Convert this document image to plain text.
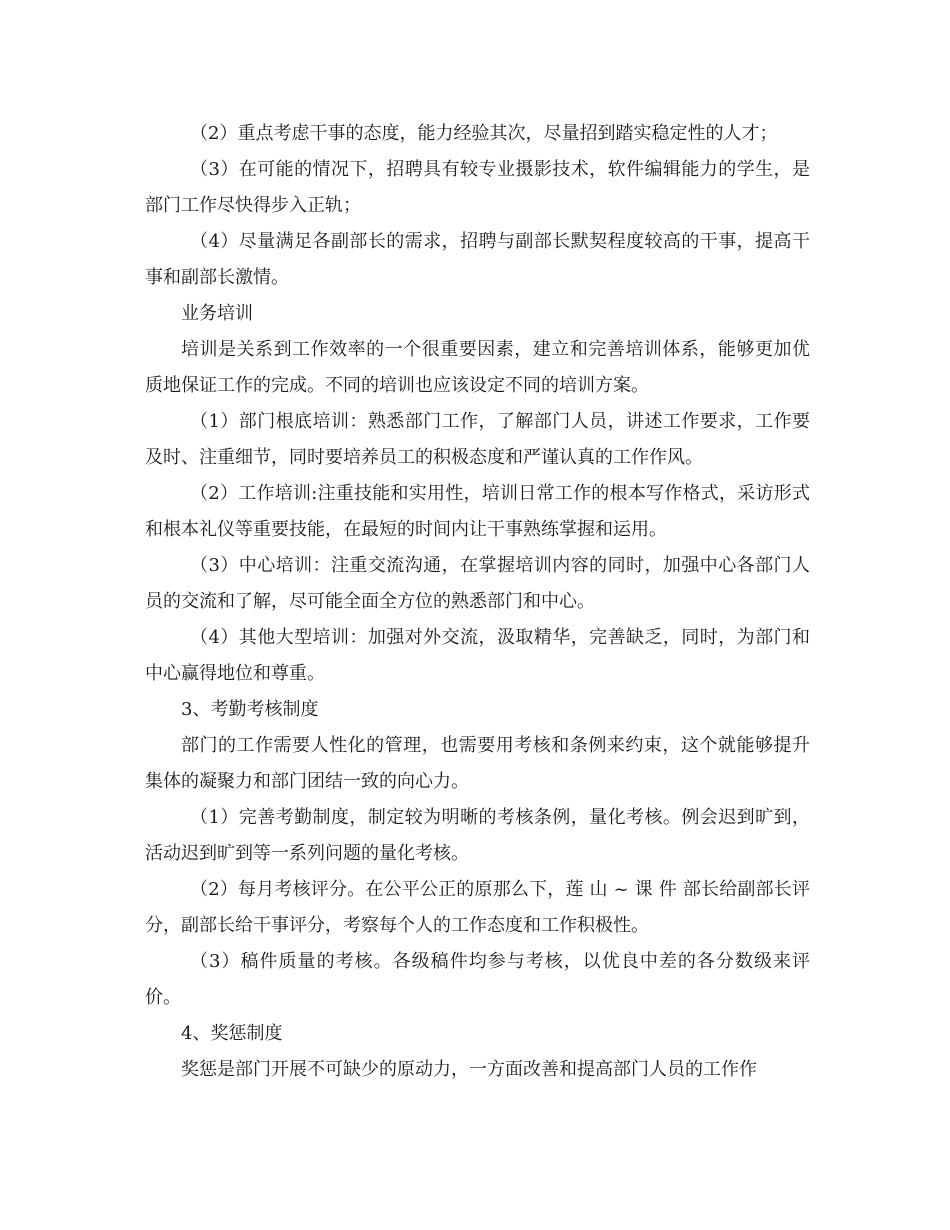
（2）重点考虑干事的态度，能力经验其次，尽量招到踏实稳定性的人才；

（3）在可能的情况下，招聘具有较专业摄影技术，软件编辑能力的学生，是部门工作尽快得步入正轨；

（4）尽量满足各副部长的需求，招聘与副部长默契程度较高的干事，提高干事和副部长激情。

业务培训

培训是关系到工作效率的一个很重要因素，建立和完善培训体系，能够更加优质地保证工作的完成。不同的培训也应该设定不同的培训方案。

（1）部门根底培训：熟悉部门工作，了解部门人员，讲述工作要求，工作要及时、注重细节，同时要培养员工的积极态度和严谨认真的工作作风。

（2）工作培训:注重技能和实用性，培训日常工作的根本写作格式，采访形式和根本礼仪等重要技能，在最短的时间内让干事熟练掌握和运用。

（3）中心培训：注重交流沟通，在掌握培训内容的同时，加强中心各部门人员的交流和了解，尽可能全面全方位的熟悉部门和中心。

（4）其他大型培训：加强对外交流，汲取精华，完善缺乏，同时，为部门和中心赢得地位和尊重。

3、考勤考核制度

部门的工作需要人性化的管理，也需要用考核和条例来约束，这个就能够提升集体的凝聚力和部门团结一致的向心力。

（1）完善考勤制度，制定较为明晰的考核条例，量化考核。例会迟到旷到，活动迟到旷到等一系列问题的量化考核。

（2）每月考核评分。在公平公正的原那么下，莲 山 ~ 课 件 部长给副部长评分，副部长给干事评分，考察每个人的工作态度和工作积极性。

（3）稿件质量的考核。各级稿件均参与考核，以优良中差的各分数级来评价。

4、奖惩制度

奖惩是部门开展不可缺少的原动力，一方面改善和提高部门人员的工作作
